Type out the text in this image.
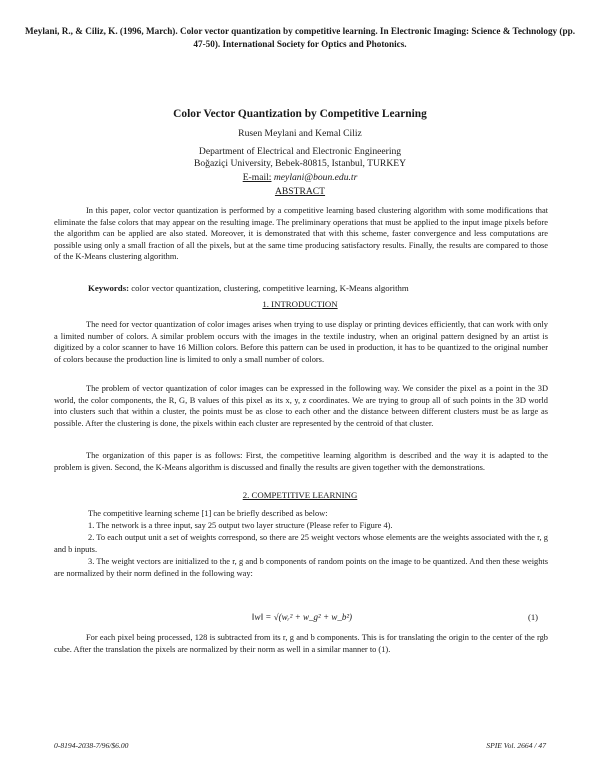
Meylani, R., & Ciliz, K. (1996, March). Color vector quantization by competitive learning. In Electronic Imaging: Science & Technology (pp. 47-50). International Society for Optics and Photonics.
Color Vector Quantization by Competitive Learning
Rusen Meylani and Kemal Ciliz
Department of Electrical and Electronic Engineering
Boğaziçi University, Bebek-80815, Istanbul, TURKEY
E-mail: meylani@boun.edu.tr
ABSTRACT

In this paper, color vector quantization is performed by a competitive learning based clustering algorithm with some modifications that eliminate the false colors that may appear on the resulting image. The preliminary operations that must be applied to the input image pixels before the algorithm can be applied are also stated. Moreover, it is demonstrated that with this scheme, faster convergence and less computations are possible using only a small fraction of all the pixels, but at the same time producing satisfactory results. Finally, the results are compared to those of the K-Means clustering algorithm.

Keywords: color vector quantization, clustering, competitive learning, K-Means algorithm
1. INTRODUCTION

The need for vector quantization of color images arises when trying to use display or printing devices efficiently, that can work with only a limited number of colors. A similar problem occurs with the images in the textile industry, when an original pattern designed by an artist is digitized by a color scanner to have 16 Million colors. Before this pattern can be used in production, it has to be quantized to the original number of colors because the production line is limited to only a small number of colors.

The problem of vector quantization of color images can be expressed in the following way. We consider the pixel as a point in the 3D world, the color components, the R, G, B values of this pixel as its x, y, z coordinates. We are trying to group all of such points in the 3D world into clusters such that within a cluster, the points must be as close to each other and the distance between different clusters must be as large as possible. After the clustering is done, the pixels within each cluster are represented by the centroid of that cluster.

The organization of this paper is as follows: First, the competitive learning algorithm is described and the way it is adapted to the problem is given. Second, the K-Means algorithm is discussed and finally the results are given together with the demonstrations.

2. COMPETITIVE LEARNING
The competitive learning scheme [1] can be briefly described as below:
1. The network is a three input, say 25 output two layer structure (Please refer to Figure 4).

2. To each output unit a set of weights correspond, so there are 25 weight vectors whose elements are the weights associated with the r, g and b inputs.

3. The weight vectors are initialized to the r, g and b components of random points on the image to be quantized. And then these weights are normalized by their norm defined in the following way:

‖w‖ = √(wᵣ² + w_g² + w_b²)	(1)

For each pixel being processed, 128 is subtracted from its r, g and b components. This is for translating the origin to the center of the rgb cube. After the translation the pixels are normalized by their norm as well in a similar manner to (1).

0-8194-2038-7/96/$6.00	SPIE Vol. 2664 / 47
